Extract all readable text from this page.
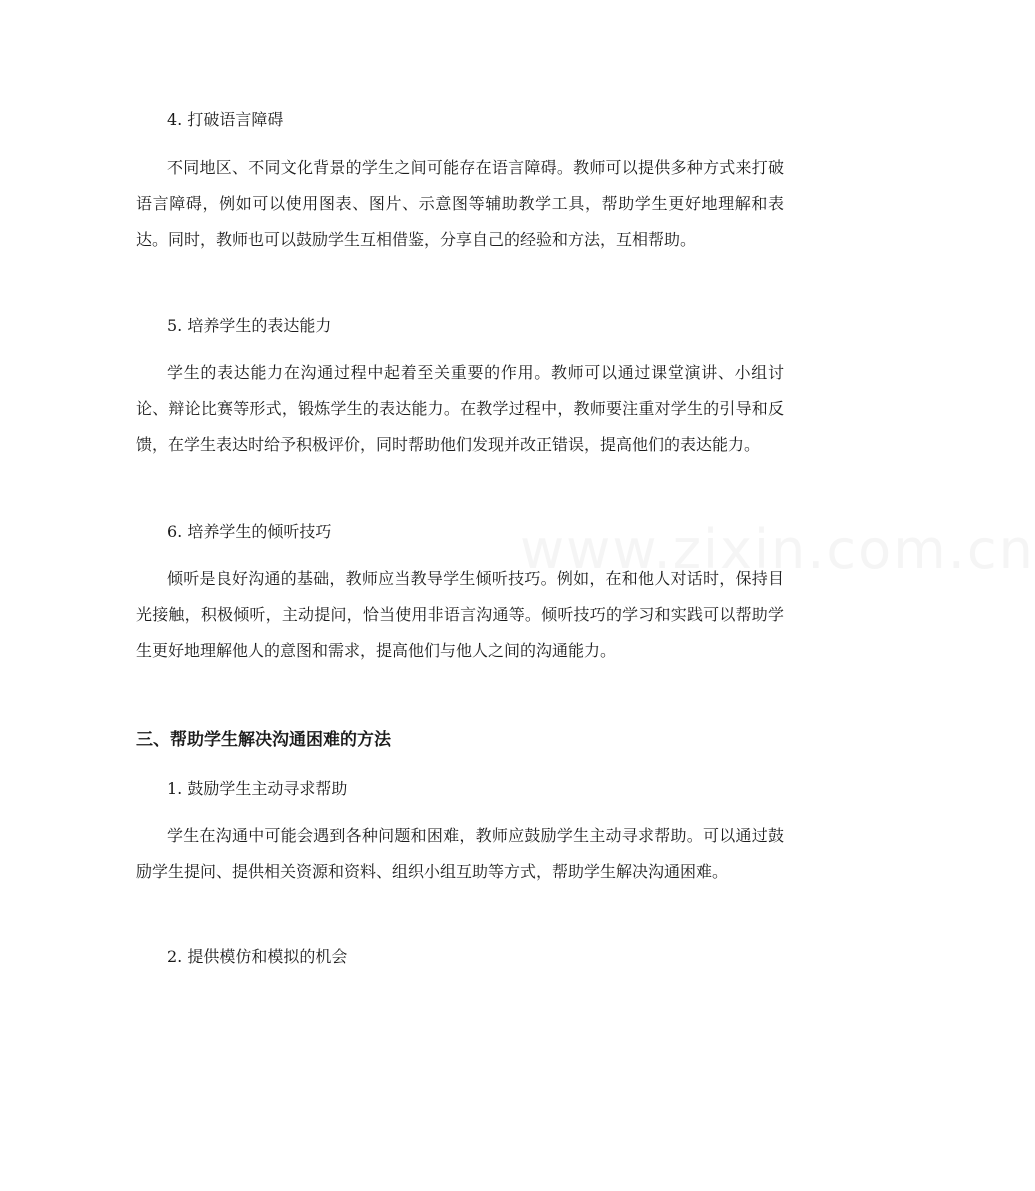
www.zixin.com.cn
4. 打破语言障碍
不同地区、不同文化背景的学生之间可能存在语言障碍。教师可以提供多种方式来打破语言障碍，例如可以使用图表、图片、示意图等辅助教学工具，帮助学生更好地理解和表达。同时，教师也可以鼓励学生互相借鉴，分享自己的经验和方法，互相帮助。
5. 培养学生的表达能力
学生的表达能力在沟通过程中起着至关重要的作用。教师可以通过课堂演讲、小组讨论、辩论比赛等形式，锻炼学生的表达能力。在教学过程中，教师要注重对学生的引导和反馈，在学生表达时给予积极评价，同时帮助他们发现并改正错误，提高他们的表达能力。
6. 培养学生的倾听技巧
倾听是良好沟通的基础，教师应当教导学生倾听技巧。例如，在和他人对话时，保持目光接触，积极倾听，主动提问，恰当使用非语言沟通等。倾听技巧的学习和实践可以帮助学生更好地理解他人的意图和需求，提高他们与他人之间的沟通能力。
三、帮助学生解决沟通困难的方法
1. 鼓励学生主动寻求帮助
学生在沟通中可能会遇到各种问题和困难，教师应鼓励学生主动寻求帮助。可以通过鼓励学生提问、提供相关资源和资料、组织小组互助等方式，帮助学生解决沟通困难。
2. 提供模仿和模拟的机会
